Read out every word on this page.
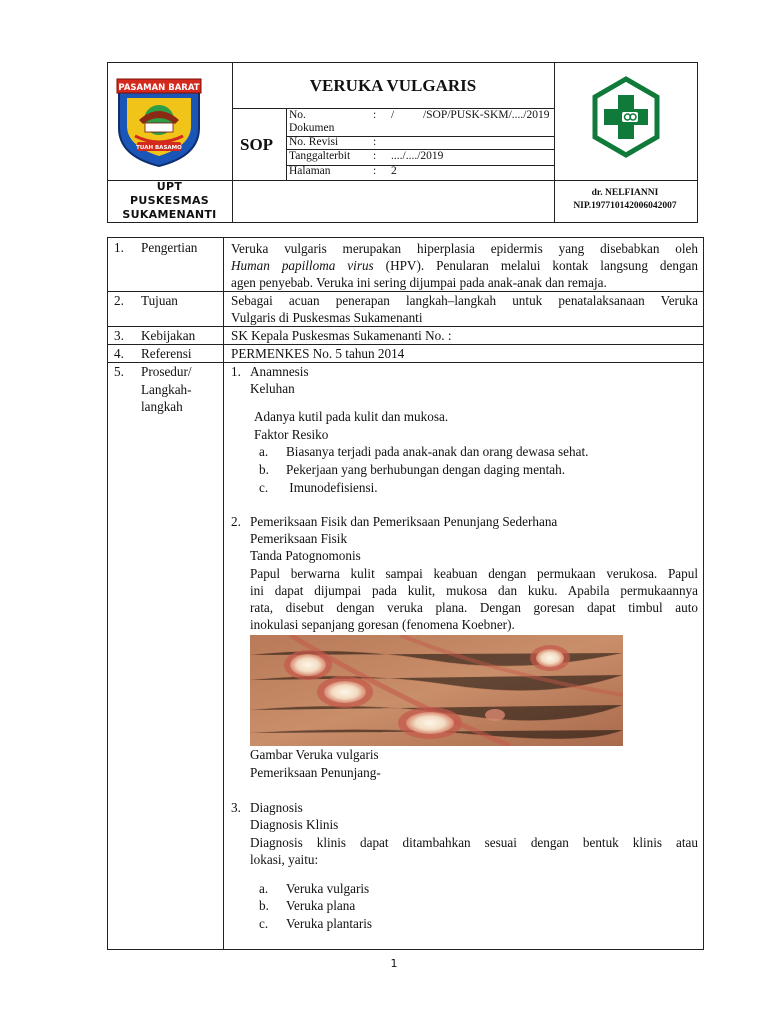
PASAMAN BARAT
TUAH BASAMO
VERUKA VULGARIS
SOP
No.
Dokumen
: /          /SOP/PUSK-SKM/..../2019
No. Revisi	:
Tanggalterbit : ..../..../2019
Halaman	: 2
UPT
PUSKESMAS
SUKAMENANTI
dr. NELFIANNI
NIP.197710142006042007
1. Pengertian	Veruka vulgaris merupakan hiperplasia epidermis yang disebabkan oleh
Human papilloma virus (HPV). Penularan melalui kontak langsung dengan
agen penyebab. Veruka ini sering dijumpai pada anak-anak dan remaja.
2. Tujuan	Sebagai acuan penerapan langkah–langkah untuk penatalaksanaan Veruka
Vulgaris di Puskesmas Sukamenanti
3. Kebijakan	SK Kepala Puskesmas Sukamenanti No. :
4. Referensi	PERMENKES No. 5 tahun 2014
5. Prosedur/
Langkah-
langkah
1. Anamnesis
Keluhan
Adanya kutil pada kulit dan mukosa.
Faktor Resiko
a. Biasanya terjadi pada anak-anak dan orang dewasa sehat.
b. Pekerjaan yang berhubungan dengan daging mentah.
c. Imunodefisiensi.
2. Pemeriksaan Fisik dan Pemeriksaan Penunjang Sederhana
Pemeriksaan Fisik
Tanda Patognomonis
Papul berwarna kulit sampai keabuan dengan permukaan verukosa. Papul
ini dapat dijumpai pada kulit, mukosa dan kuku. Apabila permukaannya
rata, disebut dengan veruka plana. Dengan goresan dapat timbul auto
inokulasi sepanjang goresan (fenomena Koebner).
Gambar Veruka vulgaris
Pemeriksaan Penunjang-
3. Diagnosis
Diagnosis Klinis
Diagnosis klinis dapat ditambahkan sesuai dengan bentuk klinis atau
lokasi, yaitu:
a. Veruka vulgaris
b. Veruka plana
c. Veruka plantaris
1
